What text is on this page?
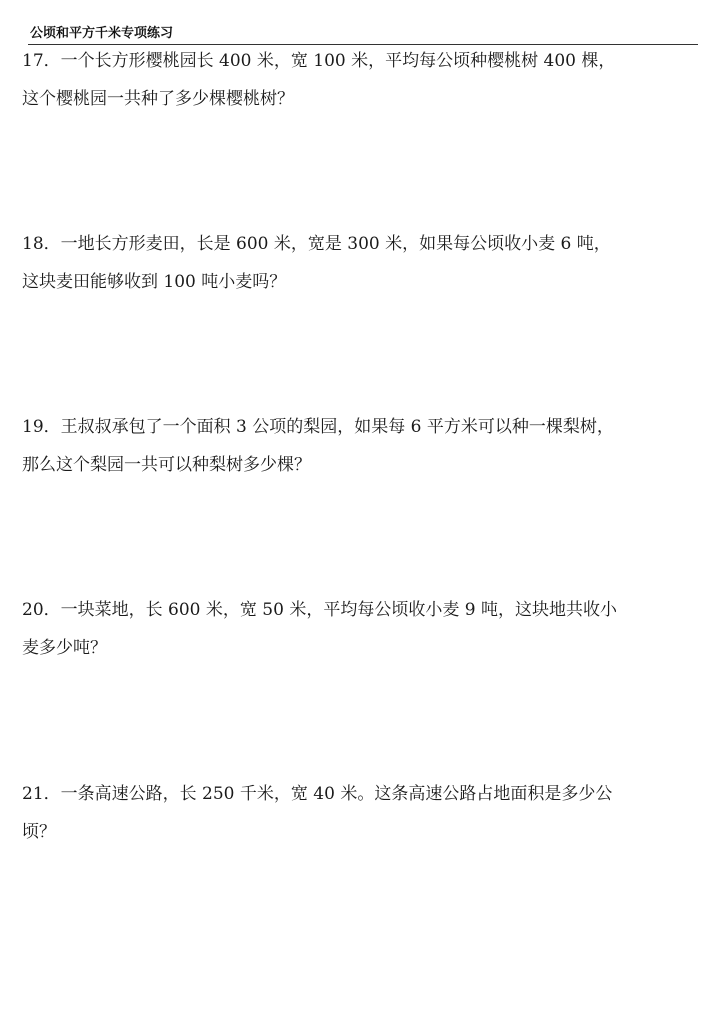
公顷和平方千米专项练习
17．一个长方形樱桃园长 400 米，宽 100 米，平均每公顷种樱桃树 400 棵，
这个樱桃园一共种了多少棵樱桃树？
18．一地长方形麦田，长是 600 米，宽是 300 米，如果每公顷收小麦 6 吨，
这块麦田能够收到 100 吨小麦吗？
19．王叔叔承包了一个面积 3 公项的梨园，如果每 6 平方米可以种一棵梨树，
那么这个梨园一共可以种梨树多少棵？
20．一块菜地，长 600 米，宽 50 米，平均每公顷收小麦 9 吨，这块地共收小
麦多少吨？
21．一条高速公路，长 250 千米，宽 40 米。这条高速公路占地面积是多少公
顷？
